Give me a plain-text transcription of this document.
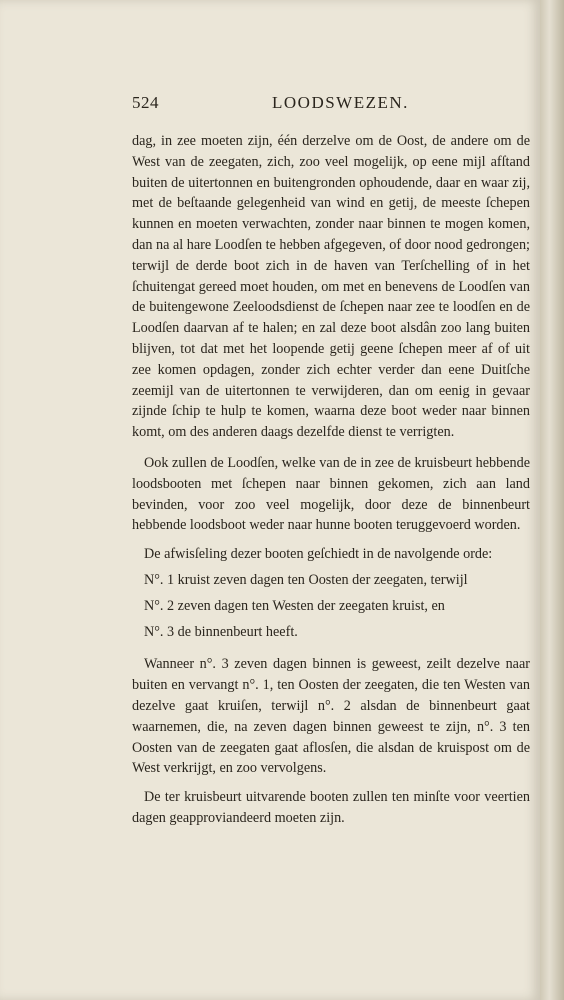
524	LOODSWEZEN.

dag, in zee moeten zijn, één derzelve om de Oost, de andere om de West van de zeegaten, zich, zoo veel mogelijk, op eene mijl afſtand buiten de uitertonnen en buitengronden ophoudende, daar en waar zij, met de beſtaande gelegenheid van wind en getij, de meeste ſchepen kunnen en moeten verwachten, zonder naar binnen te mogen komen, dan na al hare Loodſen te hebben afgegeven, of door nood gedrongen; terwijl de derde boot zich in de haven van Terſchelling of in het ſchuitengat gereed moet houden, om met en benevens de Loodſen van de buitengewone Zeeloodsdienst de ſchepen naar zee te loodſen en de Loodſen daarvan af te halen; en zal deze boot alsdân zoo lang buiten blijven, tot dat met het loopende getij geene ſchepen meer af of uit zee komen opdagen, zonder zich echter verder dan eene Duitſche zeemijl van de uitertonnen te verwijderen, dan om eenig in gevaar zijnde ſchip te hulp te komen, waarna deze boot weder naar binnen komt, om des anderen daags dezelfde dienst te verrigten.

Ook zullen de Loodſen, welke van de in zee de kruisbeurt hebbende loodsbooten met ſchepen naar binnen gekomen, zich aan land bevinden, voor zoo veel mogelijk, door deze de binnenbeurt hebbende loodsboot weder naar hunne booten teruggevoerd worden.

De afwisſeling dezer booten geſchiedt in de navolgende orde:

N°. 1 kruist zeven dagen ten Oosten der zeegaten, terwijl

N°. 2 zeven dagen ten Westen der zeegaten kruist, en

N°. 3 de binnenbeurt heeft.

Wanneer n°. 3 zeven dagen binnen is geweest, zeilt dezelve naar buiten en vervangt n°. 1, ten Oosten der zeegaten, die ten Westen van dezelve gaat kruiſen, terwijl n°. 2 alsdan de binnenbeurt gaat waarnemen, die, na zeven dagen binnen geweest te zijn, n°. 3 ten Oosten van de zeegaten gaat aflosſen, die alsdan de kruispost om de West verkrijgt, en zoo vervolgens.

De ter kruisbeurt uitvarende booten zullen ten minſte voor veertien dagen geapproviandeerd moeten zijn.
